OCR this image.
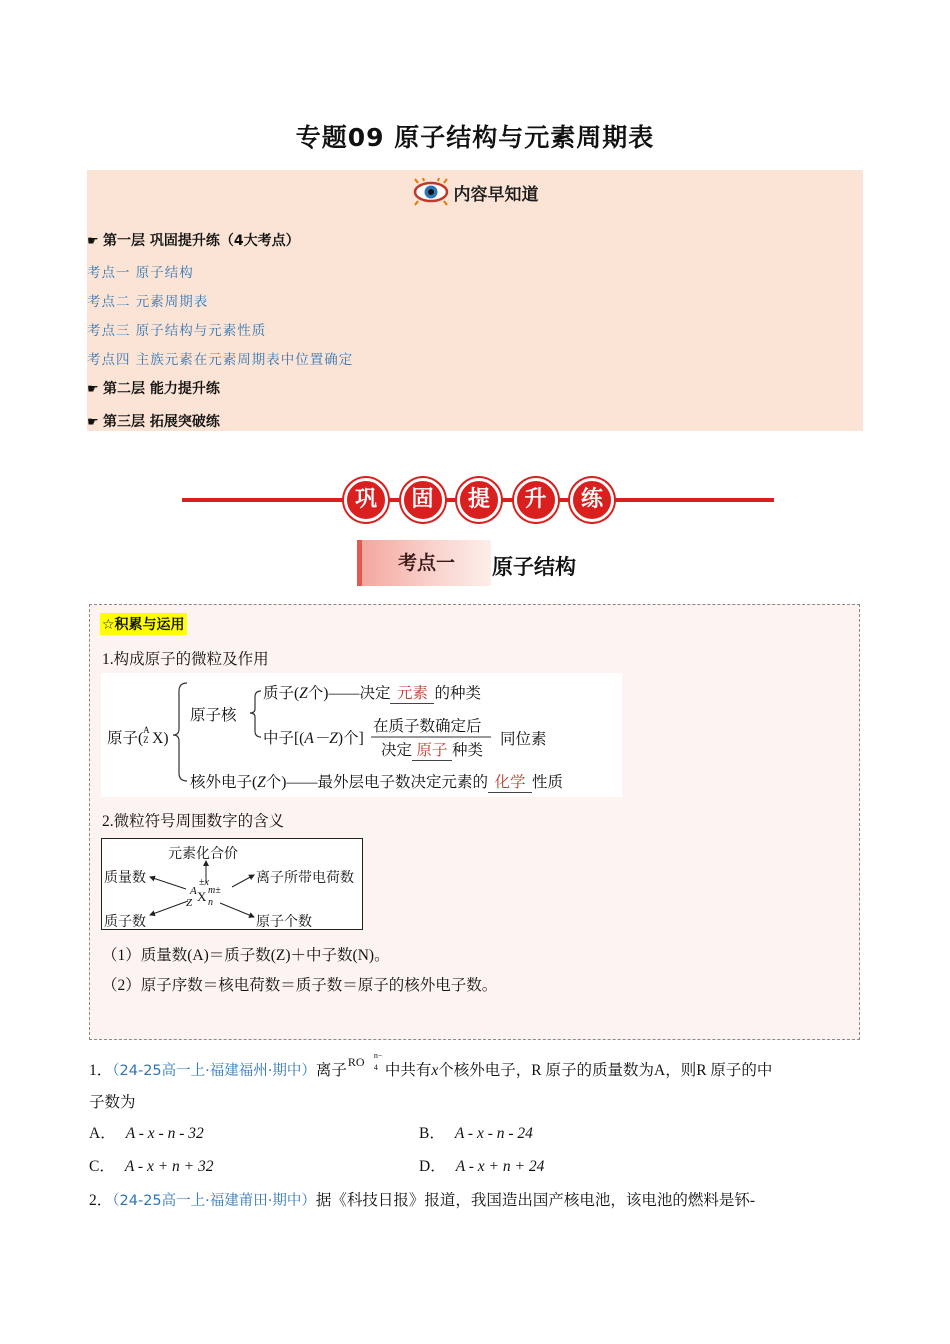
专题09 原子结构与元素周期表
内容早知道
☛ 第一层 巩固提升练（4大考点）
考点一 原子结构
考点二 元素周期表
考点三 原子结构与元素性质
考点四 主族元素在元素周期表中位置确定
☛ 第二层 能力提升练
☛ 第三层 拓展突破练
巩	固	提	升	练
考点一	原子结构
☆积累与运用
1.构成原子的微粒及作用
2.微粒符号周围数字的含义
（1）质量数(A)＝质子数(Z)＋中子数(N)。
（2）原子序数＝核电荷数＝质子数＝原子的核外电子数。
原子( A
Z X)
原子核
质子(Z个)——决定 元素 的种类
中子[(A－Z)个]
在质子数确定后
决定 原子 种类
同位素
核外电子(Z个)——最外层电子数决定元素的 化学 性质
元素化合价
质量数	离子所带电荷数
质子数	原子个数
A
Z X
±x
m±
n
1．（24-25高一上·福建福州·期中）离子 RO n−
4 中共有x个核外电子，R 原子的质量数为A，则R 原子的中
子数为
A． A - x - n - 32	B． A - x - n - 24
C． A - x + n + 32	D． A - x + n + 24
2．（24-25高一上·福建莆田·期中）据《科技日报》报道，我国造出国产核电池，该电池的燃料是钚-
